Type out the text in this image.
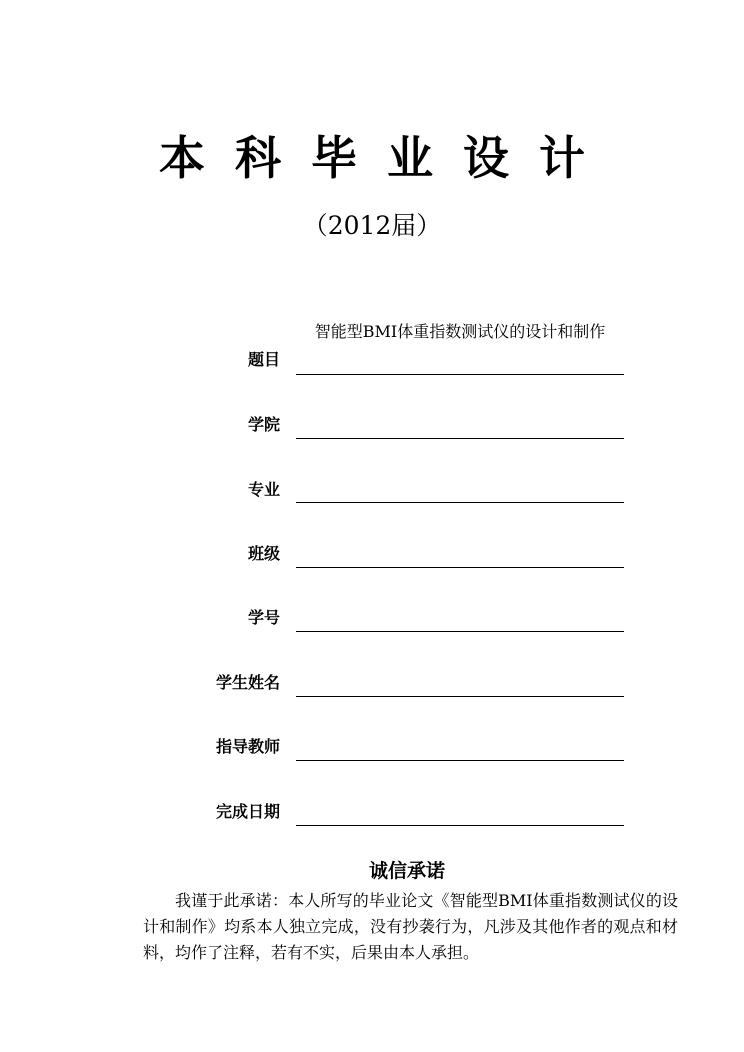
本科毕业设计
（2012届）
题目
智能型BMI体重指数测试仪的设计和制作
学院
专业
班级
学号
学生姓名
指导教师
完成日期
诚信承诺
我谨于此承诺：本人所写的毕业论文《智能型BMI体重指数测试仪的设计和制作》均系本人独立完成，没有抄袭行为，凡涉及其他作者的观点和材料，均作了注释，若有不实，后果由本人承担。
